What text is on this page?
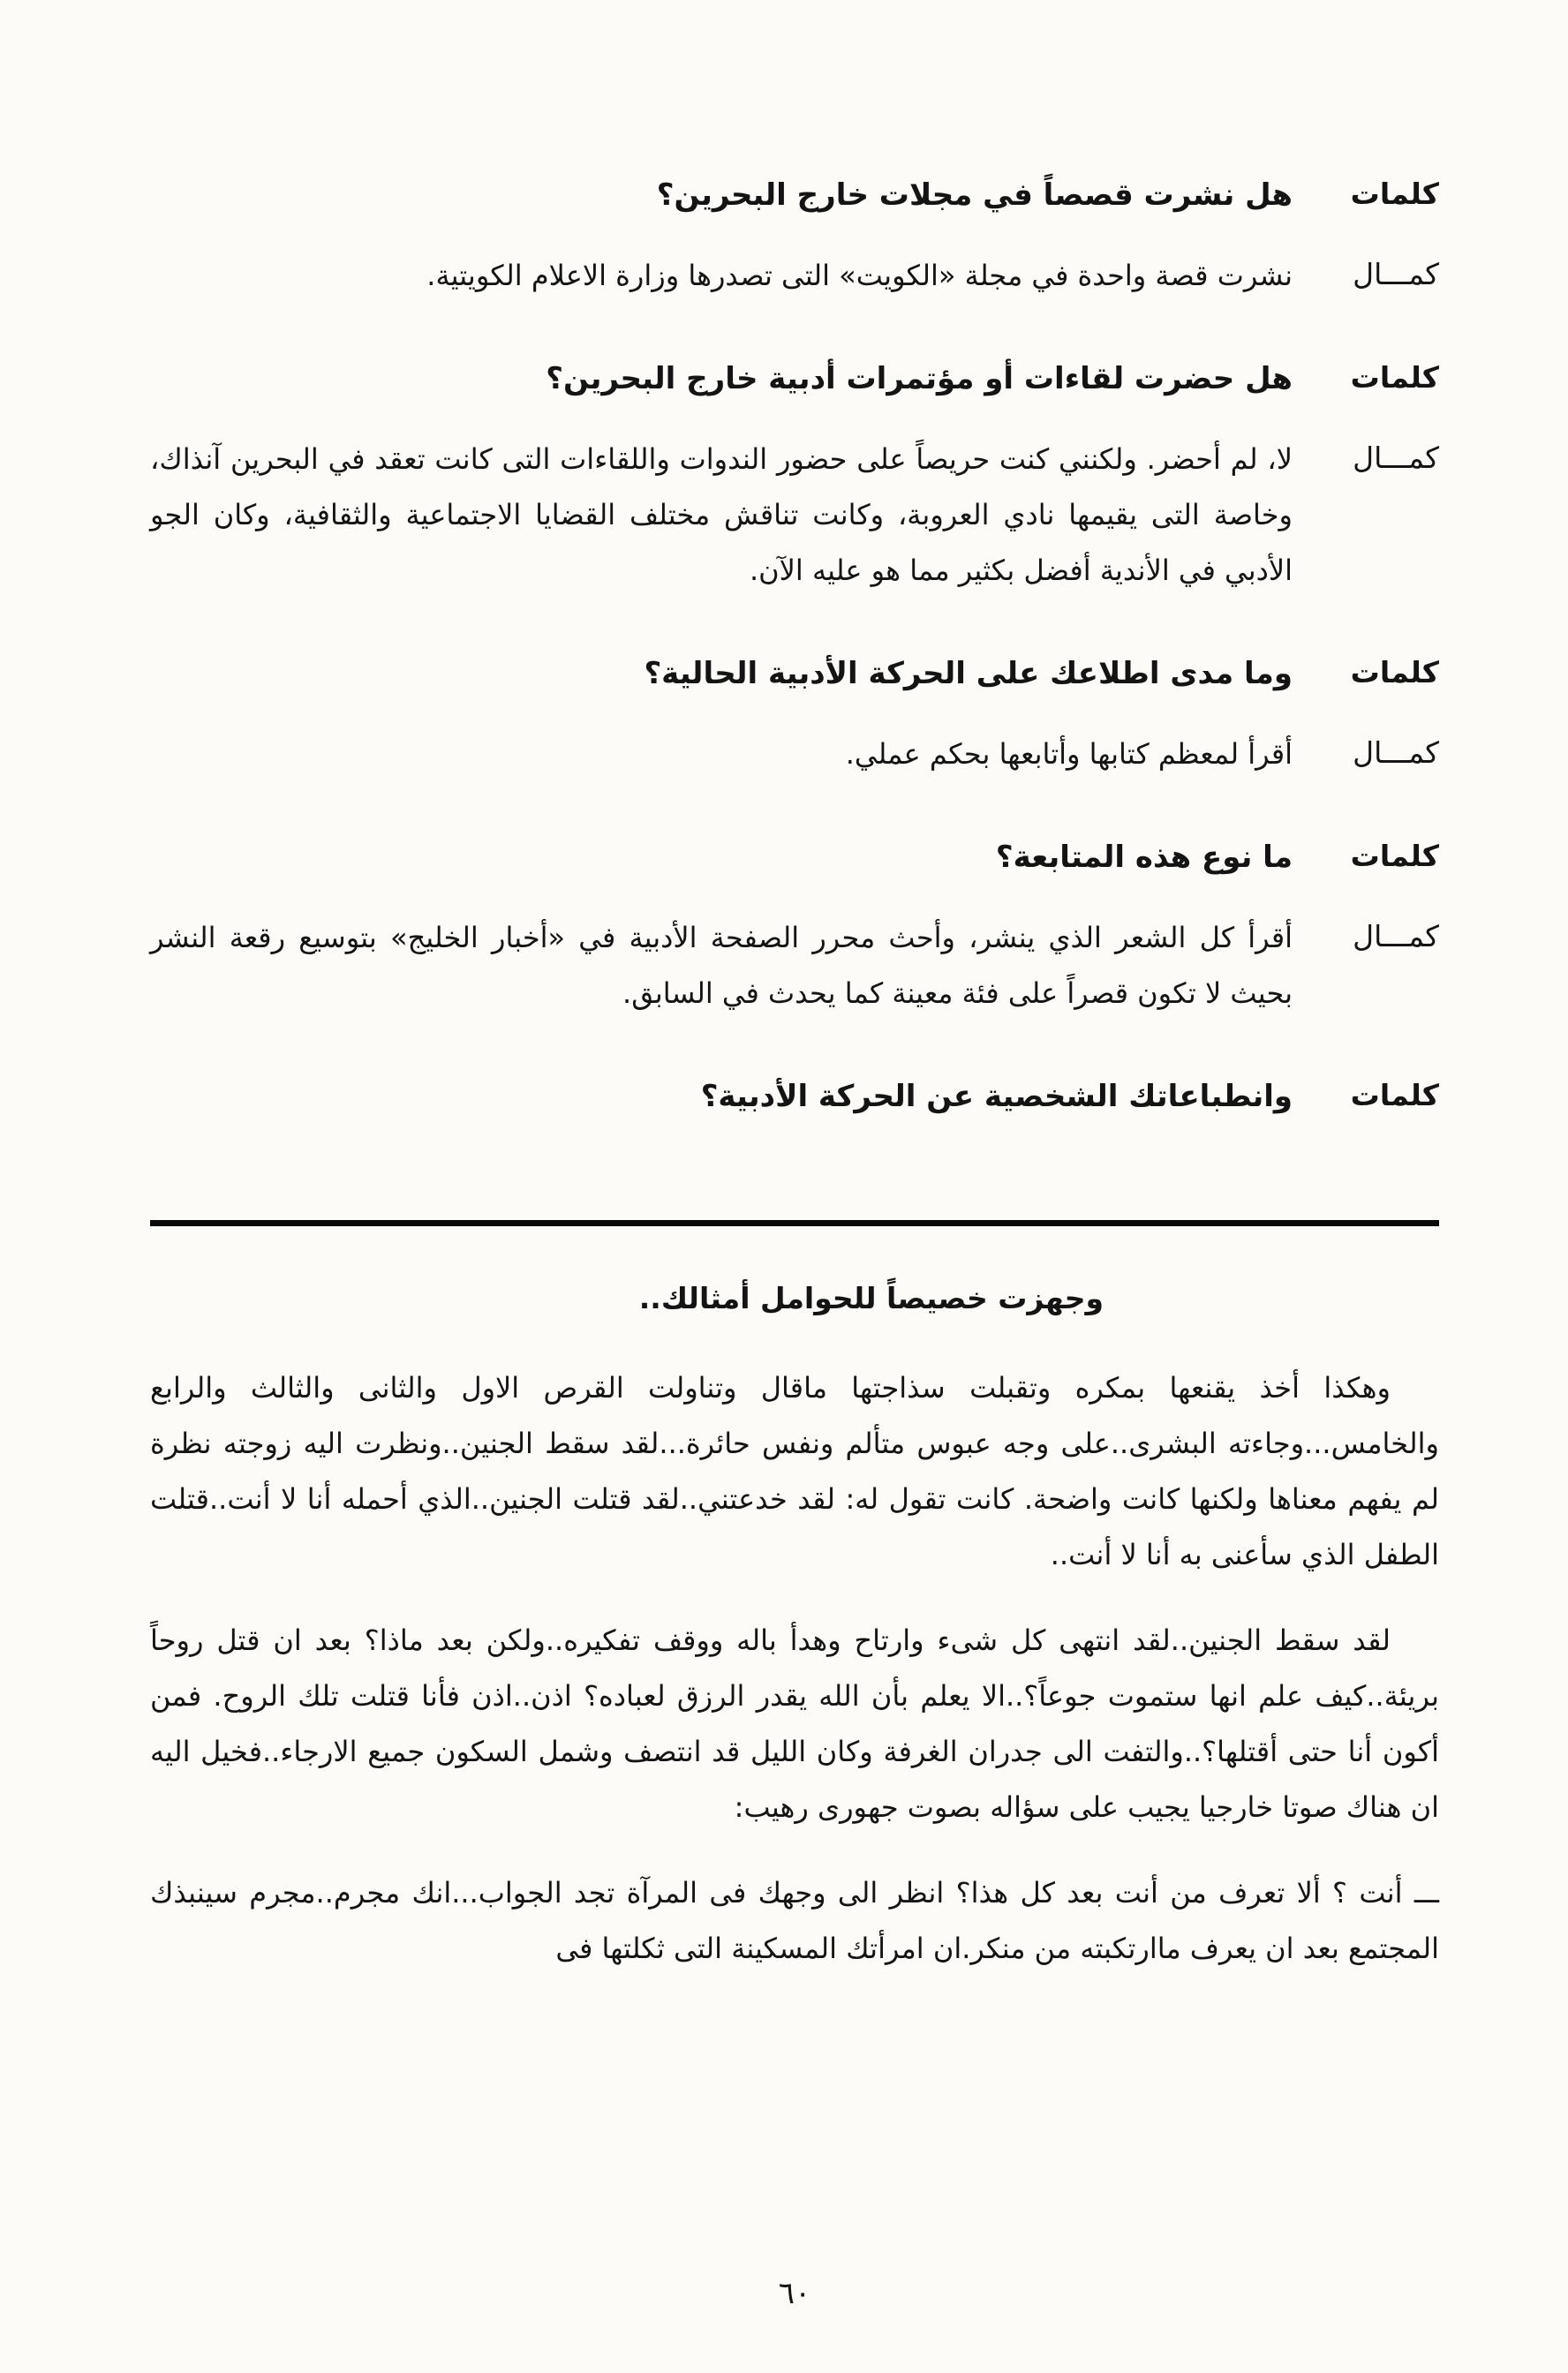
كلمات
هل نشرت قصصاً في مجلات خارج البحرين؟
كمـــال
نشرت قصة واحدة في مجلة «الكويت» التى تصدرها وزارة الاعلام الكويتية.
كلمات
هل حضرت لقاءات أو مؤتمرات أدبية خارج البحرين؟
كمـــال
لا، لم أحضر. ولكنني كنت حريصاً على حضور الندوات واللقاءات التى كانت تعقد في البحرين آنذاك، وخاصة التى يقيمها نادي العروبة، وكانت تناقش مختلف القضايا الاجتماعية والثقافية، وكان الجو الأدبي في الأندية أفضل بكثير مما هو عليه الآن.
كلمات
وما مدى اطلاعك على الحركة الأدبية الحالية؟
كمـــال
أقرأ لمعظم كتابها وأتابعها بحكم عملي.
كلمات
ما نوع هذه المتابعة؟
كمـــال
أقرأ كل الشعر الذي ينشر، وأحث محرر الصفحة الأدبية في «أخبار الخليج» بتوسيع رقعة النشر بحيث لا تكون قصراً على فئة معينة كما يحدث في السابق.
كلمات
وانطباعاتك الشخصية عن الحركة الأدبية؟
وجهزت خصيصاً للحوامل أمثالك..

وهكذا أخذ يقنعها بمكره وتقبلت سذاجتها ماقال وتناولت القرص الاول والثانى والثالث والرابع والخامس...وجاءته البشرى..على وجه عبوس متألم ونفس حائرة...لقد سقط الجنين..ونظرت اليه زوجته نظرة لم يفهم معناها ولكنها كانت واضحة. كانت تقول له: لقد خدعتني..لقد قتلت الجنين..الذي أحمله أنا لا أنت..قتلت الطفل الذي سأعنى به أنا لا أنت..

لقد سقط الجنين..لقد انتهى كل شىء وارتاح وهدأ باله ووقف تفكيره..ولكن بعد ماذا؟ بعد ان قتل روحاً بريئة..كيف علم انها ستموت جوعاً؟..الا يعلم بأن الله يقدر الرزق لعباده؟ اذن..اذن فأنا قتلت تلك الروح. فمن أكون أنا حتى أقتلها؟..والتفت الى جدران الغرفة وكان الليل قد انتصف وشمل السكون جميع الارجاء..فخيل اليه ان هناك صوتا خارجيا يجيب على سؤاله بصوت جهورى رهيب:

ـــ أنت ؟ ألا تعرف من أنت بعد كل هذا؟ انظر الى وجهك فى المرآة تجد الجواب...انك مجرم..مجرم سينبذك المجتمع بعد ان يعرف ماارتكبته من منكر.ان امرأتك المسكينة التى ثكلتها فى

٦٠
